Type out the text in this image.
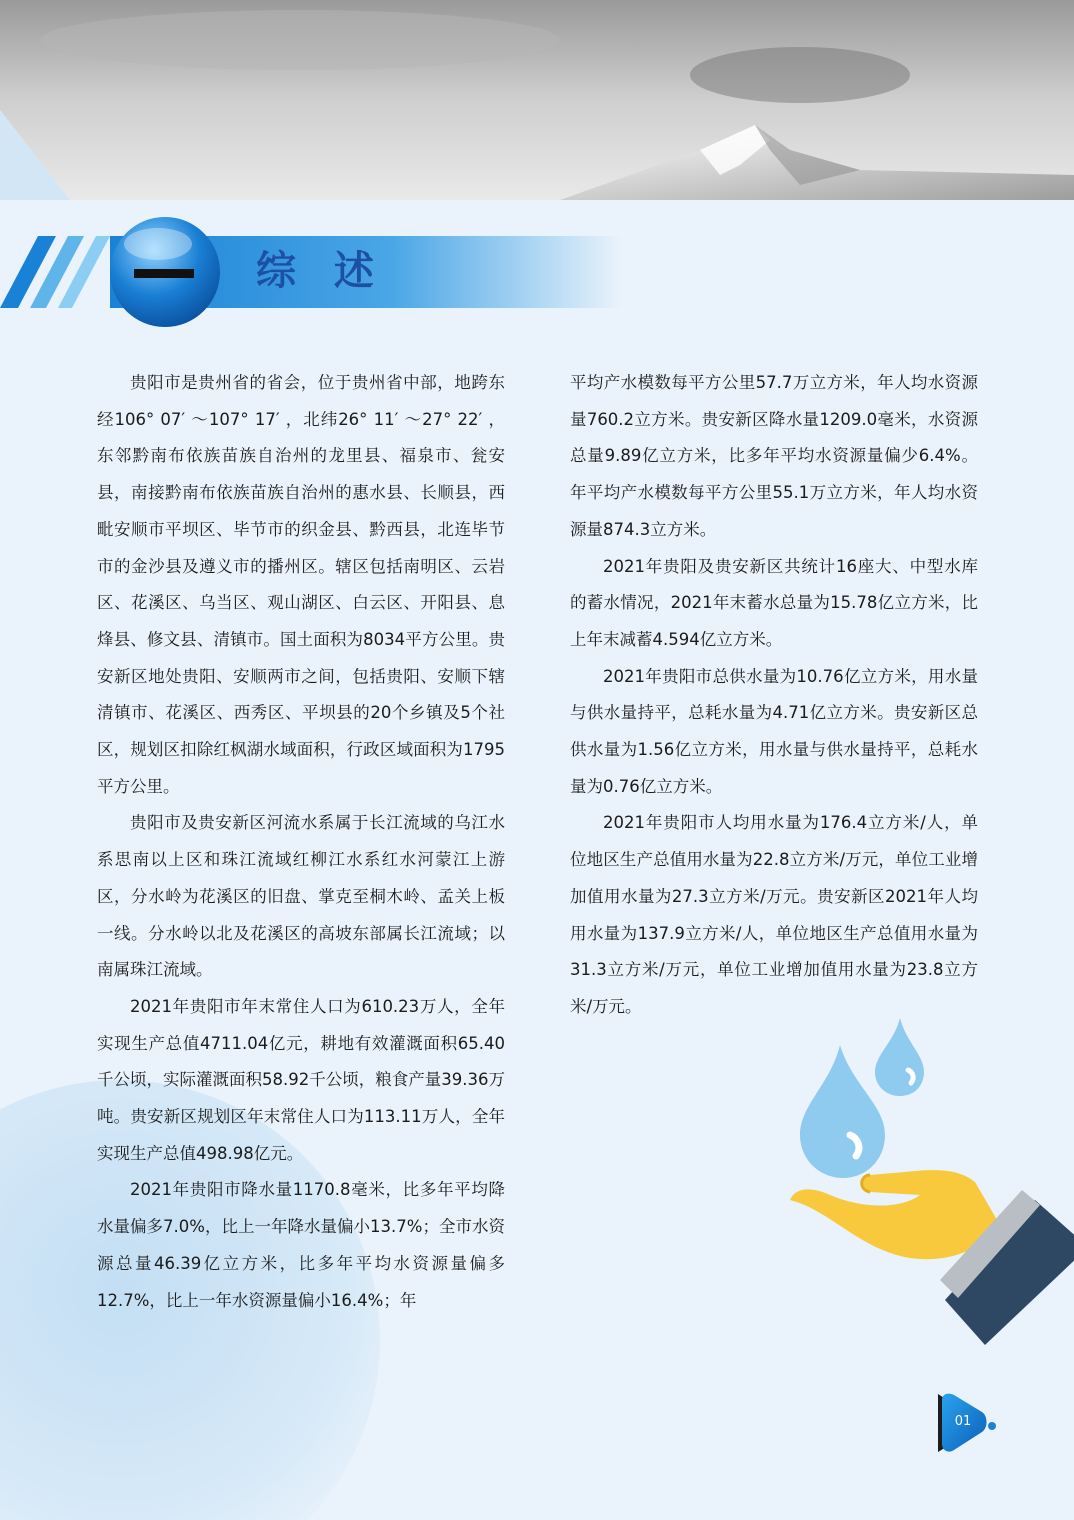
综 述

贵阳市是贵州省的省会，位于贵州省中部，地跨东经106° 07′ ～107° 17′ ，北纬26° 11′ ～27° 22′ ，东邻黔南布依族苗族自治州的龙里县、福泉市、瓮安县，南接黔南布依族苗族自治州的惠水县、长顺县，西毗安顺市平坝区、毕节市的织金县、黔西县，北连毕节市的金沙县及遵义市的播州区。辖区包括南明区、云岩区、花溪区、乌当区、观山湖区、白云区、开阳县、息烽县、修文县、清镇市。国土面积为8034平方公里。贵安新区地处贵阳、安顺两市之间，包括贵阳、安顺下辖清镇市、花溪区、西秀区、平坝县的20个乡镇及5个社区，规划区扣除红枫湖水域面积，行政区域面积为1795平方公里。

贵阳市及贵安新区河流水系属于长江流域的乌江水系思南以上区和珠江流域红柳江水系红水河蒙江上游区，分水岭为花溪区的旧盘、掌克至桐木岭、孟关上板一线。分水岭以北及花溪区的高坡东部属长江流域；以南属珠江流域。

2021年贵阳市年末常住人口为610.23万人，全年实现生产总值4711.04亿元，耕地有效灌溉面积65.40千公顷，实际灌溉面积58.92千公顷，粮食产量39.36万吨。贵安新区规划区年末常住人口为113.11万人，全年实现生产总值498.98亿元。

2021年贵阳市降水量1170.8毫米，比多年平均降水量偏多7.0%，比上一年降水量偏小13.7%；全市水资源总量46.39亿立方米，比多年平均水资源量偏多12.7%，比上一年水资源量偏小16.4%；年

平均产水模数每平方公里57.7万立方米，年人均水资源量760.2立方米。贵安新区降水量1209.0毫米，水资源总量9.89亿立方米，比多年平均水资源量偏少6.4%。年平均产水模数每平方公里55.1万立方米，年人均水资源量874.3立方米。

2021年贵阳及贵安新区共统计16座大、中型水库的蓄水情况，2021年末蓄水总量为15.78亿立方米，比上年末减蓄4.594亿立方米。

2021年贵阳市总供水量为10.76亿立方米，用水量与供水量持平，总耗水量为4.71亿立方米。贵安新区总供水量为1.56亿立方米，用水量与供水量持平，总耗水量为0.76亿立方米。

2021年贵阳市人均用水量为176.4立方米/人，单位地区生产总值用水量为22.8立方米/万元，单位工业增加值用水量为27.3立方米/万元。贵安新区2021年人均用水量为137.9立方米/人，单位地区生产总值用水量为31.3立方米/万元，单位工业增加值用水量为23.8立方米/万元。

01
